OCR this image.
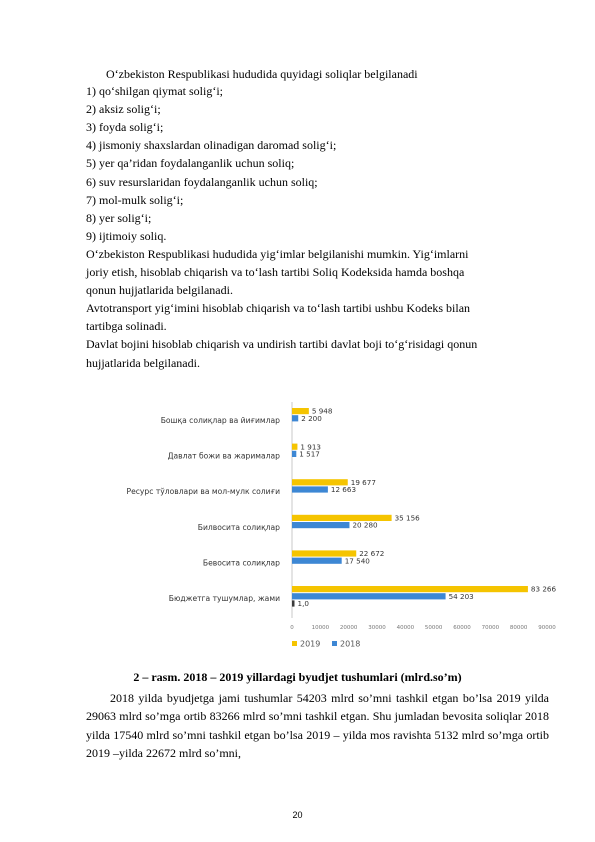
O‘zbekiston Respublikasi hududida quyidagi soliqlar belgilanadi
1) qo‘shilgan qiymat solig‘i;
2) aksiz solig‘i;
3) foyda solig‘i;
4) jismoniy shaxslardan olinadigan daromad solig‘i;
5) yer qa’ridan foydalanganlik uchun soliq;
6) suv resurslaridan foydalanganlik uchun soliq;
7) mol-mulk solig‘i;
8) yer solig‘i;
9) ijtimoiy soliq.
O‘zbekiston Respublikasi hududida yig‘imlar belgilanishi mumkin. Yig‘imlarni
joriy etish, hisoblab chiqarish va to‘lash tartibi Soliq Kodeksida hamda boshqa
qonun hujjatlarida belgilanadi.
Avtotransport yig‘imini hisoblab chiqarish va to‘lash tartibi ushbu Kodeks bilan
tartibga solinadi.
Davlat bojini hisoblab chiqarish va undirish tartibi davlat boji to‘g‘risidagi qonun
hujjatlarida belgilanadi.
0	10000 20000 30000 40000 50000 60000 70000 80000 90000
Бошқа солиқлар ва йиғимлар
Давлат божи ва жарималар
Ресурс тўловлари ва мол-мулк солиғи
Билвосита солиқлар
Бевосита солиқлар
Бюджетга тушумлар, жами
5 948
1 913
19 677
35 156
22 672
83 266
2 200
1 517
12 663
20 280
17 540
54 203
1,0
2019 2018
2 – rasm. 2018 – 2019 yillardagi byudjet tushumlari (mlrd.so’m)
2018 yilda byudjetga jami tushumlar 54203 mlrd so’mni tashkil etgan bo’lsa 2019 yilda 29063 mlrd so’mga ortib 83266 mlrd so’mni tashkil etgan. Shu jumladan bevosita soliqlar 2018 yilda 17540 mlrd so’mni tashkil etgan bo’lsa 2019 – yilda mos ravishta 5132 mlrd so’mga ortib 2019 –yilda 22672 mlrd so’mni,
20
